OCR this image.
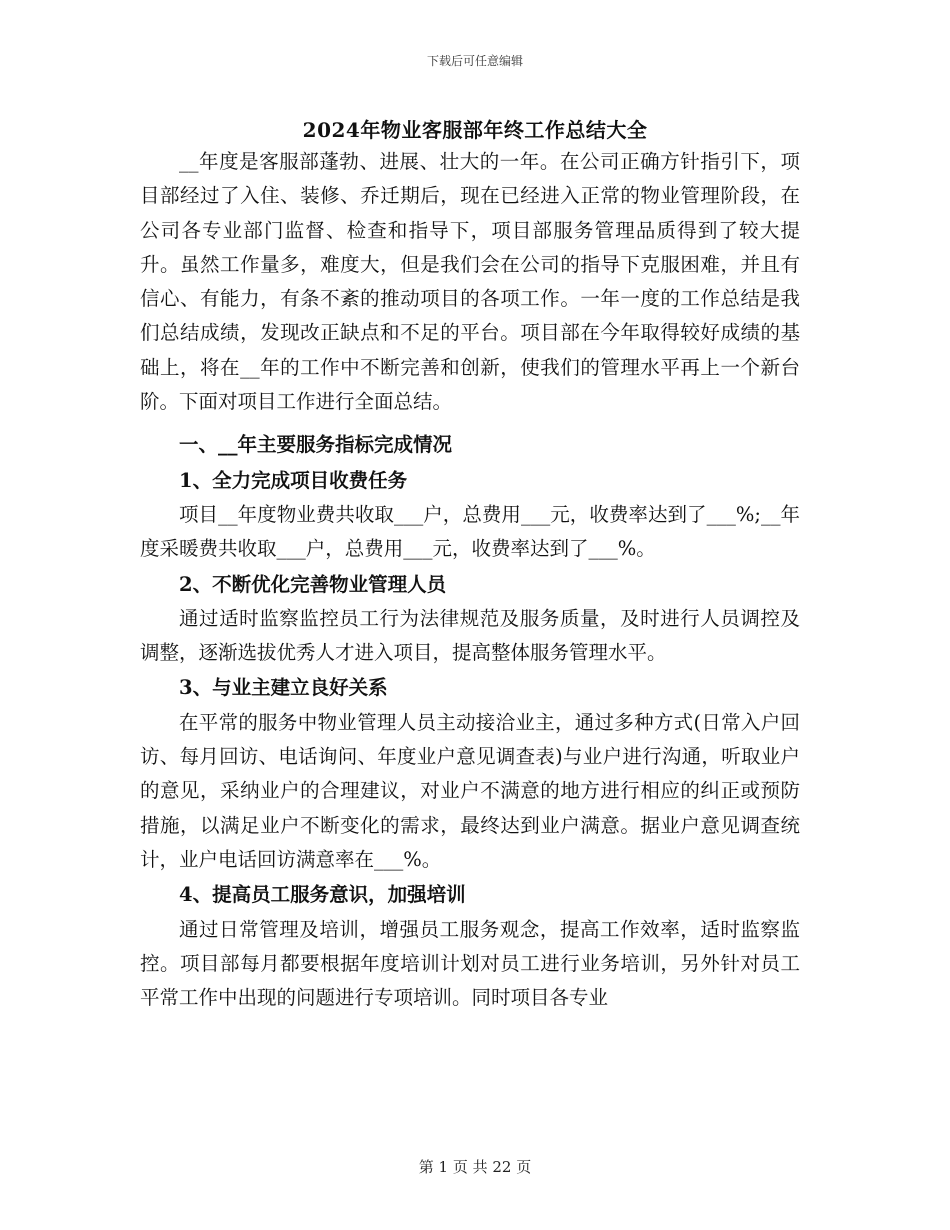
下载后可任意编辑
2024年物业客服部年终工作总结大全

__年度是客服部蓬勃、进展、壮大的一年。在公司正确方针指引下，项目部经过了入住、装修、乔迁期后，现在已经进入正常的物业管理阶段，在公司各专业部门监督、检查和指导下，项目部服务管理品质得到了较大提升。虽然工作量多，难度大，但是我们会在公司的指导下克服困难，并且有信心、有能力，有条不紊的推动项目的各项工作。一年一度的工作总结是我们总结成绩，发现改正缺点和不足的平台。项目部在今年取得较好成绩的基础上，将在__年的工作中不断完善和创新，使我们的管理水平再上一个新台阶。下面对项目工作进行全面总结。

一、__年主要服务指标完成情况
1、全力完成项目收费任务

项目__年度物业费共收取___户，总费用___元，收费率达到了___%;__年度采暖费共收取___户，总费用___元，收费率达到了___%。

2、不断优化完善物业管理人员

通过适时监察监控员工行为法律规范及服务质量，及时进行人员调控及调整，逐渐选拔优秀人才进入项目，提高整体服务管理水平。

3、与业主建立良好关系

在平常的服务中物业管理人员主动接洽业主，通过多种方式(日常入户回访、每月回访、电话询问、年度业户意见调查表)与业户进行沟通，听取业户的意见，采纳业户的合理建议，对业户不满意的地方进行相应的纠正或预防措施，以满足业户不断变化的需求，最终达到业户满意。据业户意见调查统计，业户电话回访满意率在___%。

4、提高员工服务意识，加强培训

通过日常管理及培训，增强员工服务观念，提高工作效率，适时监察监控。项目部每月都要根据年度培训计划对员工进行业务培训，另外针对员工平常工作中出现的问题进行专项培训。同时项目各专业

第 1 页 共 22 页
